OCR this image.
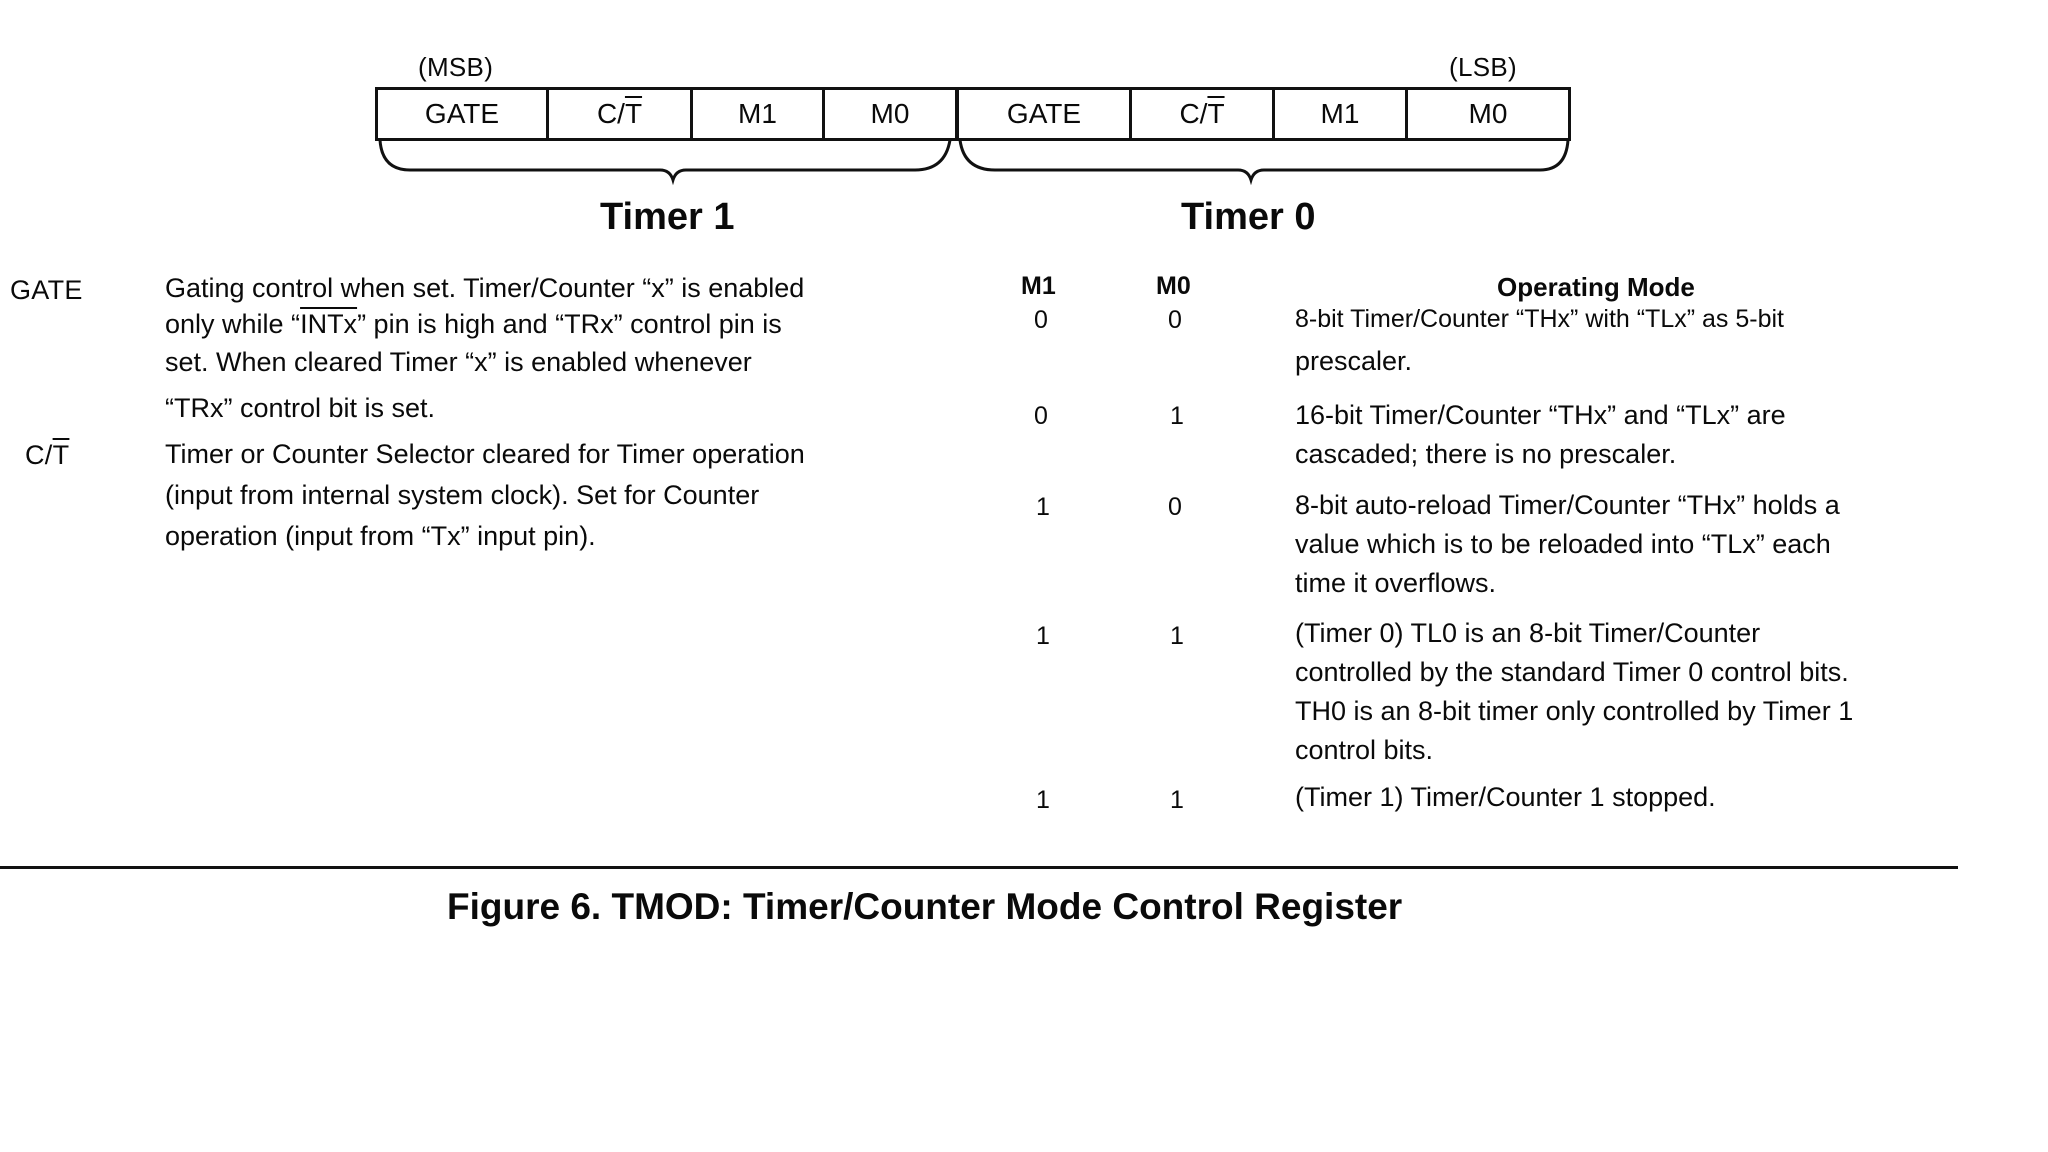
(MSB)	(LSB)
GATE	$C/\overline{T}$	M1	M0	GATE	$C/\overline{T}$	M1	M0
Timer 1	Timer 0
GATE	Gating control when set. Timer/Counter “x” is enabled
only while “INTx” pin is high and “TRx” control pin is
set. When cleared Timer “x” is enabled whenever
“TRx” control bit is set.
$C/\overline{T}$	Timer or Counter Selector cleared for Timer operation
(input from internal system clock). Set for Counter
operation (input from “Tx” input pin).
M1	M0	Operating Mode
0	0	8-bit Timer/Counter “THx” with “TLx” as 5-bit
prescaler.
0	1	16-bit Timer/Counter “THx” and “TLx” are
cascaded; there is no prescaler.
1	0	8-bit auto-reload Timer/Counter “THx” holds a
value which is to be reloaded into “TLx” each
time it overflows.
1	1	(Timer 0) TL0 is an 8-bit Timer/Counter
controlled by the standard Timer 0 control bits.
TH0 is an 8-bit timer only controlled by Timer 1
control bits.
1	1	(Timer 1) Timer/Counter 1 stopped.
Figure 6. TMOD: Timer/Counter Mode Control Register
